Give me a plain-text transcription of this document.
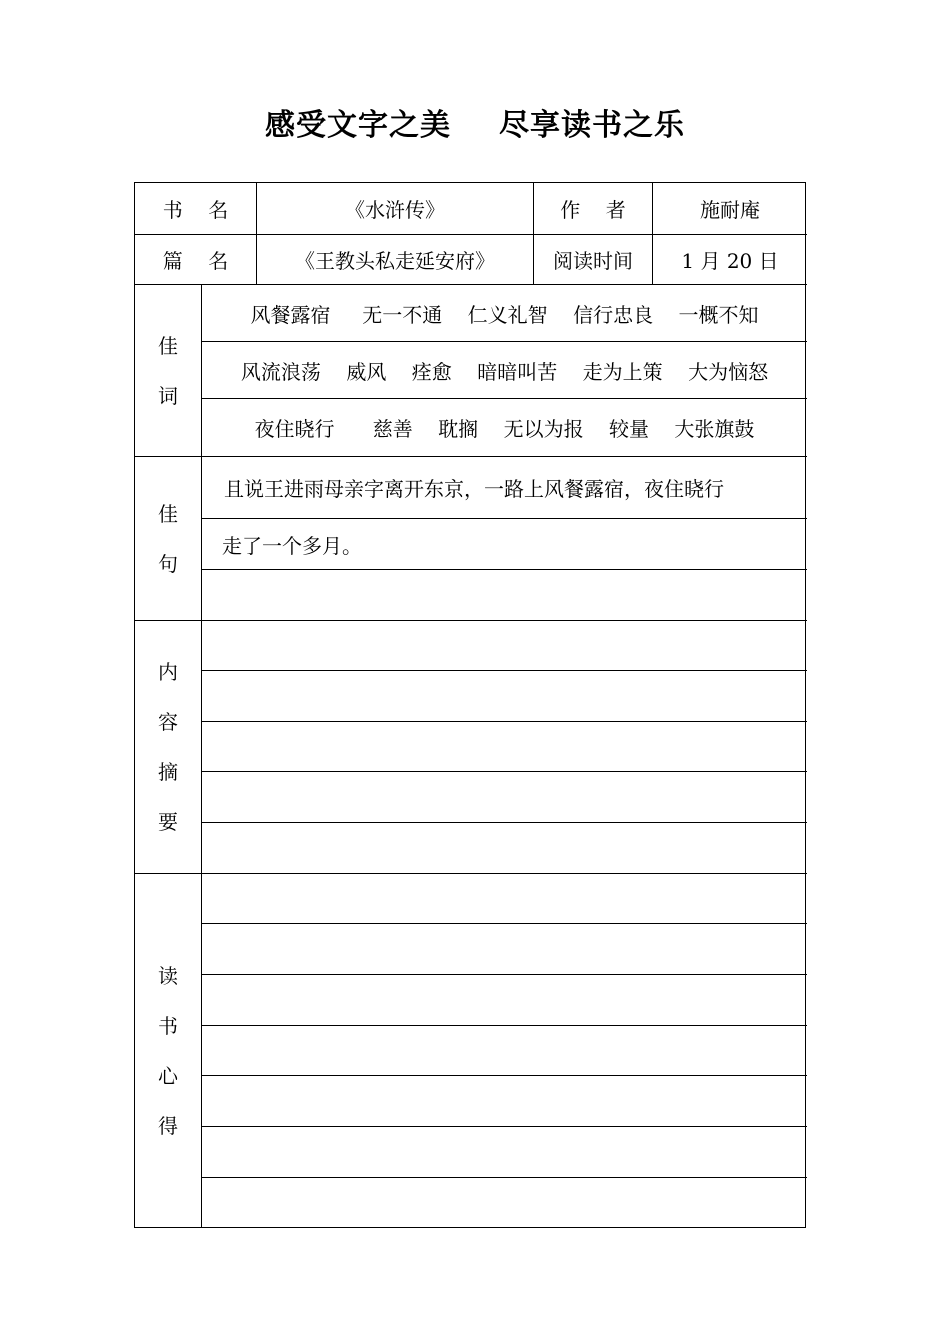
感受文字之美 尽享读书之乐
书    名	《水浒传》	作    者	施耐庵
篇    名	《王教头私走延安府》	阅读时间	1 月 20 日
佳
词
风餐露宿     无一不通    仁义礼智    信行忠良    一概不知
风流浪荡    威风    痊愈    暗暗叫苦    走为上策    大为恼怒
夜住晓行      慈善    耽搁    无以为报    较量    大张旗鼓
佳
句
且说王进雨母亲字离开东京，一路上风餐露宿，夜住晓行
走了一个多月。
内
容
摘
要
读
书
心
得
